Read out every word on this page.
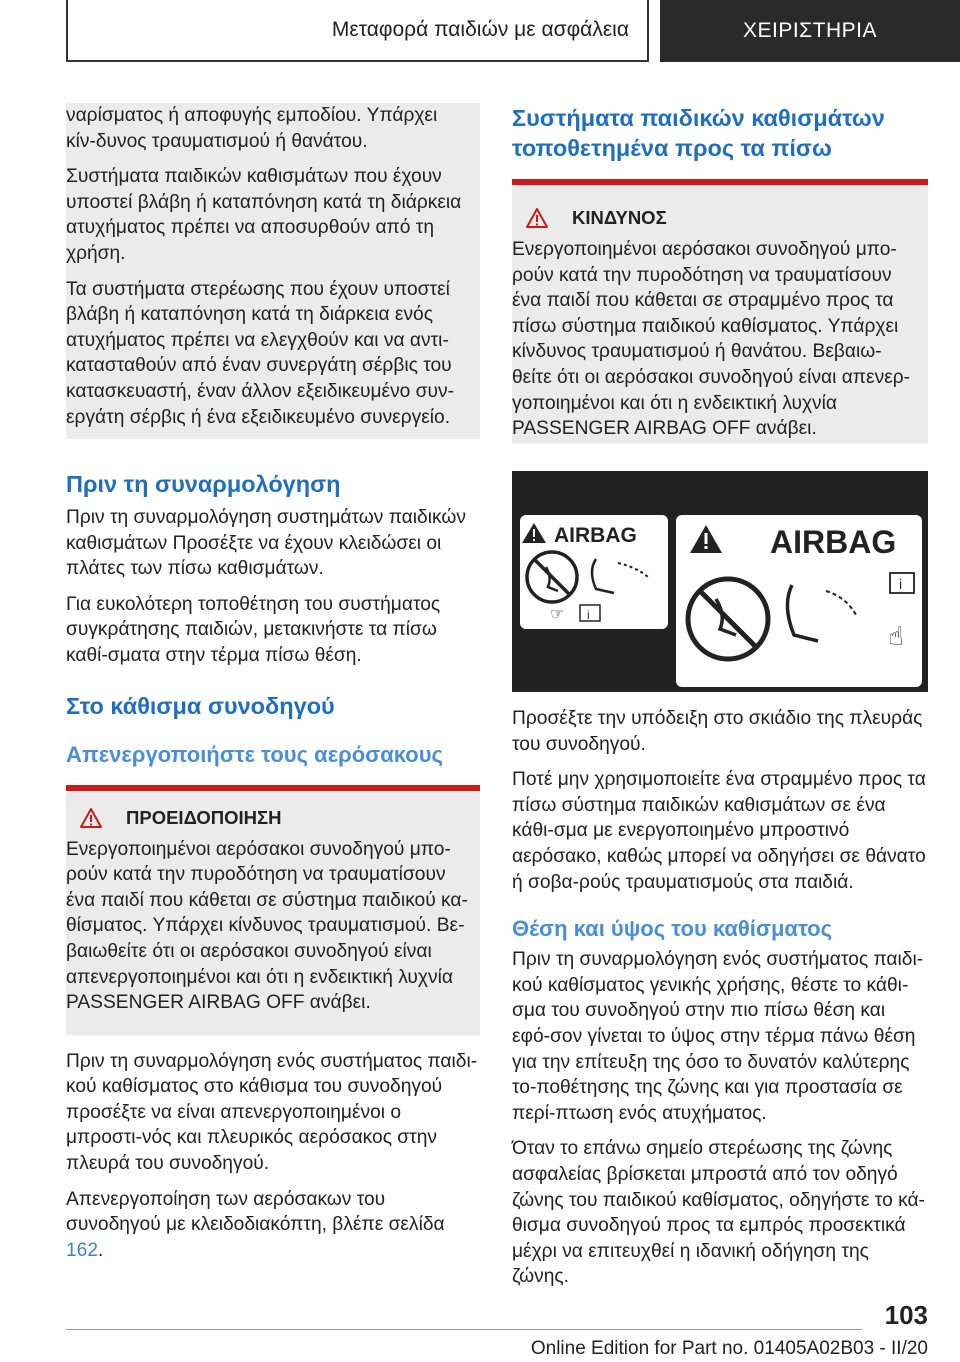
Μεταφορά παιδιών με ασφάλεια	ΧΕΙΡΙΣΤΗΡΙΑ

ναρίσματος ή αποφυγής εμποδίου. Υπάρχει κίν-δυνος τραυματισμού ή θανάτου.

Συστήματα παιδικών καθισμάτων που έχουν υποστεί βλάβη ή καταπόνηση κατά τη διάρκεια ατυχήματος πρέπει να αποσυρθούν από τη χρήση.

Τα συστήματα στερέωσης που έχουν υποστεί βλάβη ή καταπόνηση κατά τη διάρκεια ενός ατυχήματος πρέπει να ελεγχθούν και να αντι-κατασταθούν από έναν συνεργάτη σέρβις του κατασκευαστή, έναν άλλον εξειδικευμένο συν-εργάτη σέρβις ή ένα εξειδικευμένο συνεργείο.

Πριν τη συναρμολόγηση

Πριν τη συναρμολόγηση συστημάτων παιδικών καθισμάτων Προσέξτε να έχουν κλειδώσει οι πλάτες των πίσω καθισμάτων.

Για ευκολότερη τοποθέτηση του συστήματος συγκράτησης παιδιών, μετακινήστε τα πίσω καθί-σματα στην τέρμα πίσω θέση.

Στο κάθισμα συνοδηγού
Απενεργοποιήστε τους αερόσακους
ΠΡΟΕΙΔΟΠΟΙΗΣΗ

Ενεργοποιημένοι αερόσακοι συνοδηγού μπο-ρούν κατά την πυροδότηση να τραυματίσουν ένα παιδί που κάθεται σε σύστημα παιδικού κα-θίσματος. Υπάρχει κίνδυνος τραυματισμού. Βε-βαιωθείτε ότι οι αερόσακοι συνοδηγού είναι απενεργοποιημένοι και ότι η ενδεικτική λυχνία PASSENGER AIRBAG OFF ανάβει.

Πριν τη συναρμολόγηση ενός συστήματος παιδι-κού καθίσματος στο κάθισμα του συνοδηγού προσέξτε να είναι απενεργοποιημένοι ο μπροστι-νός και πλευρικός αερόσακος στην πλευρά του συνοδηγού.

Απενεργοποίηση των αερόσακων του συνοδηγού με κλειδοδιακόπτη, βλέπε σελίδα 162.

Συστήματα παιδικών καθισμάτων τοποθετημένα προς τα πίσω
ΚΙΝΔΥΝΟΣ

Ενεργοποιημένοι αερόσακοι συνοδηγού μπο-ρούν κατά την πυροδότηση να τραυματίσουν ένα παιδί που κάθεται σε στραμμένο προς τα πίσω σύστημα παιδικού καθίσματος. Υπάρχει κίνδυνος τραυματισμού ή θανάτου. Βεβαιω-θείτε ότι οι αερόσακοι συνοδηγού είναι απενερ-γοποιημένοι και ότι η ενδεικτική λυχνία PASSENGER AIRBAG OFF ανάβει.

AIRBAG
☞ i
AIRBAG
i
☝

Προσέξτε την υπόδειξη στο σκιάδιο της πλευράς του συνοδηγού.

Ποτέ μην χρησιμοποιείτε ένα στραμμένο προς τα πίσω σύστημα παιδικών καθισμάτων σε ένα κάθι-σμα με ενεργοποιημένο μπροστινό αερόσακο, καθώς μπορεί να οδηγήσει σε θάνατο ή σοβα-ρούς τραυματισμούς στα παιδιά.

Θέση και ύψος του καθίσματος

Πριν τη συναρμολόγηση ενός συστήματος παιδι-κού καθίσματος γενικής χρήσης, θέστε το κάθι-σμα του συνοδηγού στην πιο πίσω θέση και εφό-σον γίνεται το ύψος στην τέρμα πάνω θέση για την επίτευξη της όσο το δυνατόν καλύτερης το-ποθέτησης της ζώνης και για προστασία σε περί-πτωση ενός ατυχήματος.

Όταν το επάνω σημείο στερέωσης της ζώνης ασφαλείας βρίσκεται μπροστά από τον οδηγό ζώνης του παιδικού καθίσματος, οδηγήστε το κά-θισμα συνοδηγού προς τα εμπρός προσεκτικά μέχρι να επιτευχθεί η ιδανική οδήγηση της ζώνης.

103
Online Edition for Part no. 01405A02B03 - II/20
